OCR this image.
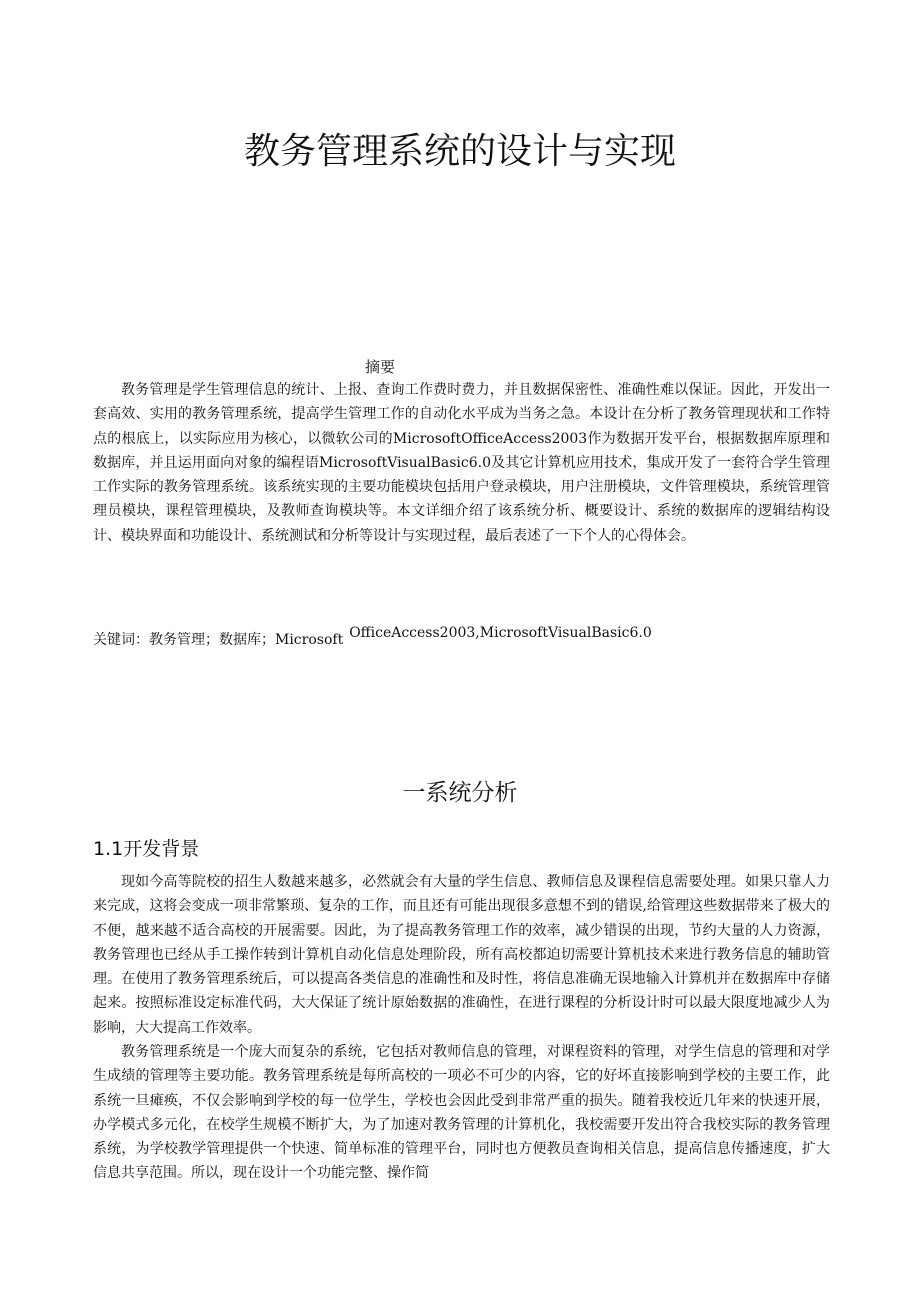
教务管理系统的设计与实现
摘要
教务管理是学生管理信息的统计、上报、查询工作费时费力，并且数据保密性、准确性难以保证。因此，开发出一套高效、实用的教务管理系统，提高学生管理工作的自动化水平成为当务之急。本设计在分析了教务管理现状和工作特点的根底上，以实际应用为核心，以微软公司的MicrosoftOfficeAccess2003作为数据开发平台，根据数据库原理和数据库，并且运用面向对象的编程语MicrosoftVisualBasic6.0及其它计算机应用技术，集成开发了一套符合学生管理工作实际的教务管理系统。该系统实现的主要功能模块包括用户登录模块，用户注册模块，文件管理模块，系统管理管理员模块，课程管理模块，及教师查询模块等。本文详细介绍了该系统分析、概要设计、系统的数据库的逻辑结构设计、模块界面和功能设计、系统测试和分析等设计与实现过程，最后表述了一下个人的心得体会。
关键词：教务管理；数据库；Microsoft OfficeAccess2003,MicrosoftVisualBasic6.0
一系统分析
1.1开发背景
现如今高等院校的招生人数越来越多，必然就会有大量的学生信息、教师信息及课程信息需要处理。如果只靠人力来完成，这将会变成一项非常繁琐、复杂的工作，而且还有可能出现很多意想不到的错误,给管理这些数据带来了极大的不便，越来越不适合高校的开展需要。因此，为了提高教务管理工作的效率，减少错误的出现，节约大量的人力资源，教务管理也已经从手工操作转到计算机自动化信息处理阶段，所有高校都迫切需要计算机技术来进行教务信息的辅助管理。在使用了教务管理系统后，可以提高各类信息的准确性和及时性，将信息准确无误地输入计算机并在数据库中存储起来。按照标准设定标准代码，大大保证了统计原始数据的准确性，在进行课程的分析设计时可以最大限度地减少人为影响，大大提高工作效率。
教务管理系统是一个庞大而复杂的系统，它包括对教师信息的管理，对课程资料的管理，对学生信息的管理和对学生成绩的管理等主要功能。教务管理系统是每所高校的一项必不可少的内容，它的好坏直接影响到学校的主要工作，此系统一旦瘫痪，不仅会影响到学校的每一位学生，学校也会因此受到非常严重的损失。随着我校近几年来的快速开展，办学模式多元化，在校学生规模不断扩大，为了加速对教务管理的计算机化，我校需要开发出符合我校实际的教务管理系统，为学校教学管理提供一个快速、简单标准的管理平台，同时也方便教员查询相关信息，提高信息传播速度，扩大信息共享范围。所以，现在设计一个功能完整、操作简
